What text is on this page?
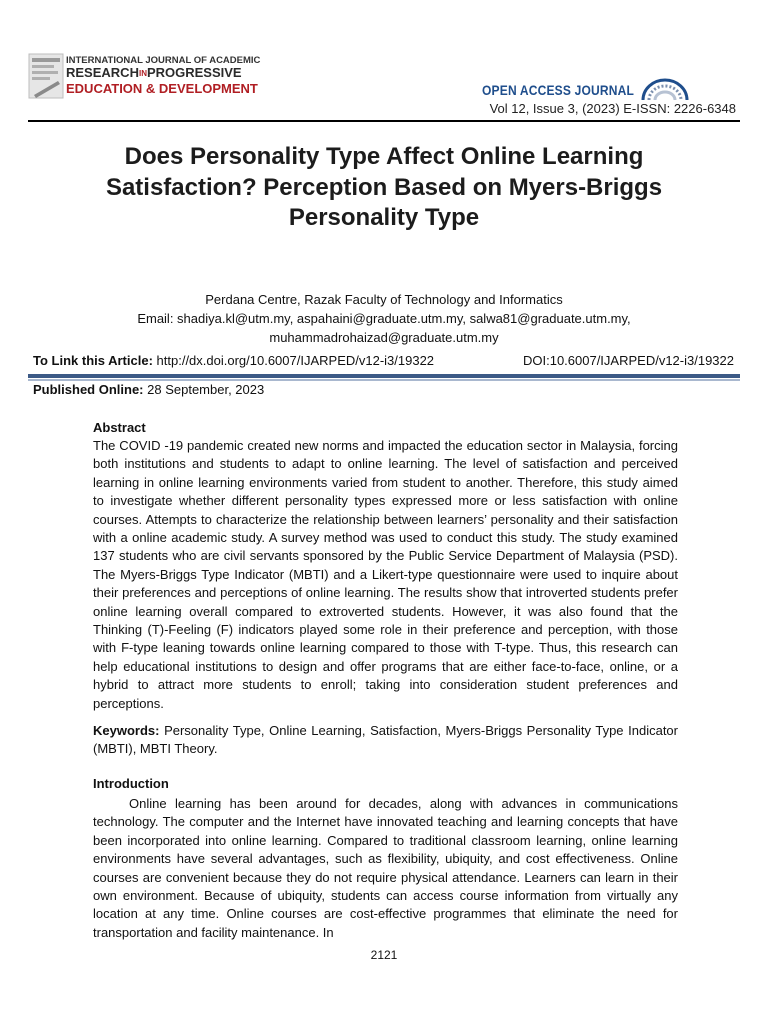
INTERNATIONAL JOURNAL OF ACADEMIC
RESEARCHINPROGRESSIVE
EDUCATION & DEVELOPMENT	OPEN ACCESS JOURNAL
Vol 12, Issue 3, (2023) E-ISSN: 2226-6348
Does Personality Type Affect Online Learning Satisfaction? Perception Based on Myers-Briggs Personality Type
Perdana Centre, Razak Faculty of Technology and Informatics
Email: shadiya.kl@utm.my, aspahaini@graduate.utm.my, salwa81@graduate.utm.my, muhammadrohaizad@graduate.utm.my
To Link this Article: http://dx.doi.org/10.6007/IJARPED/v12-i3/19322	DOI:10.6007/IJARPED/v12-i3/19322
Published Online: 28 September, 2023
Abstract
The COVID -19 pandemic created new norms and impacted the education sector in Malaysia, forcing both institutions and students to adapt to online learning. The level of satisfaction and perceived learning in online learning environments varied from student to another. Therefore, this study aimed to investigate whether different personality types expressed more or less satisfaction with online courses. Attempts to characterize the relationship between learners’ personality and their satisfaction with a online academic study. A survey method was used to conduct this study. The study examined 137 students who are civil servants sponsored by the Public Service Department of Malaysia (PSD). The Myers-Briggs Type Indicator (MBTI) and a Likert-type questionnaire were used to inquire about their preferences and perceptions of online learning. The results show that introverted students prefer online learning overall compared to extroverted students. However, it was also found that the Thinking (T)-Feeling (F) indicators played some role in their preference and perception, with those with F-type leaning towards online learning compared to those with T-type. Thus, this research can help educational institutions to design and offer programs that are either face-to-face, online, or a hybrid to attract more students to enroll; taking into consideration student preferences and perceptions.
Keywords: Personality Type, Online Learning, Satisfaction, Myers-Briggs Personality Type Indicator (MBTI), MBTI Theory.
Introduction
Online learning has been around for decades, along with advances in communications technology. The computer and the Internet have innovated teaching and learning concepts that have been incorporated into online learning. Compared to traditional classroom learning, online learning environments have several advantages, such as flexibility, ubiquity, and cost effectiveness. Online courses are convenient because they do not require physical attendance. Learners can learn in their own environment. Because of ubiquity, students can access course information from virtually any location at any time. Online courses are cost-effective programmes that eliminate the need for transportation and facility maintenance. In
2121
